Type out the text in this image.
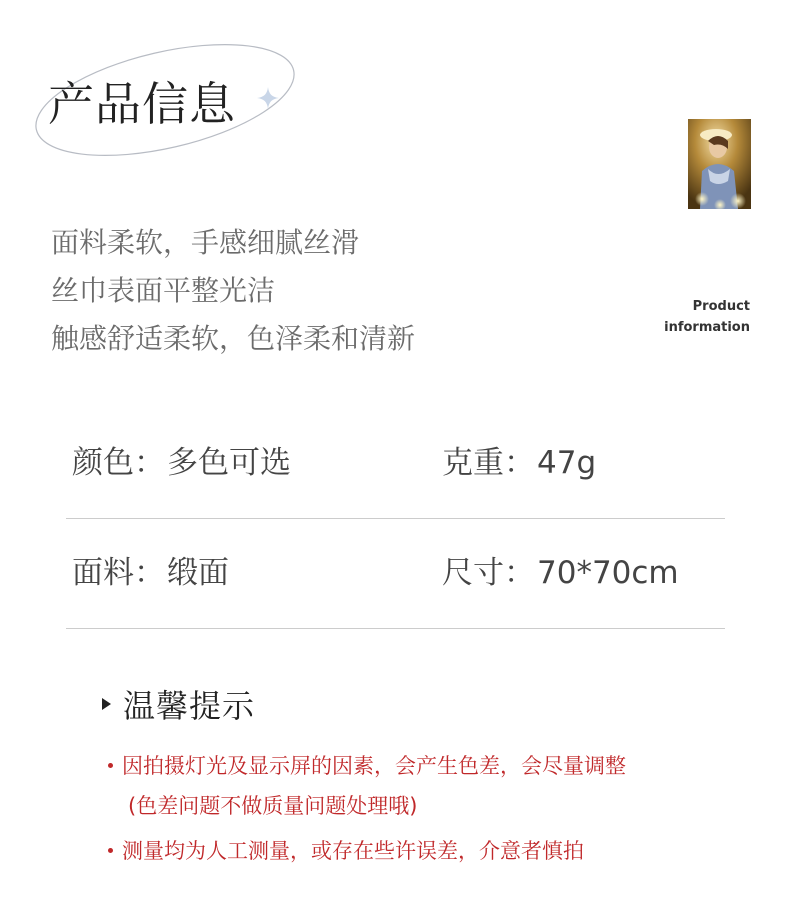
产品信息
Product
information
面料柔软，手感细腻丝滑
丝巾表面平整光洁
触感舒适柔软，色泽柔和清新
颜色：多色可选	克重：47g
面料：缎面	尺寸：70*70cm
温馨提示
因拍摄灯光及显示屏的因素，会产生色差，会尽量调整
(色差问题不做质量问题处理哦)
测量均为人工测量，或存在些许误差，介意者慎拍
